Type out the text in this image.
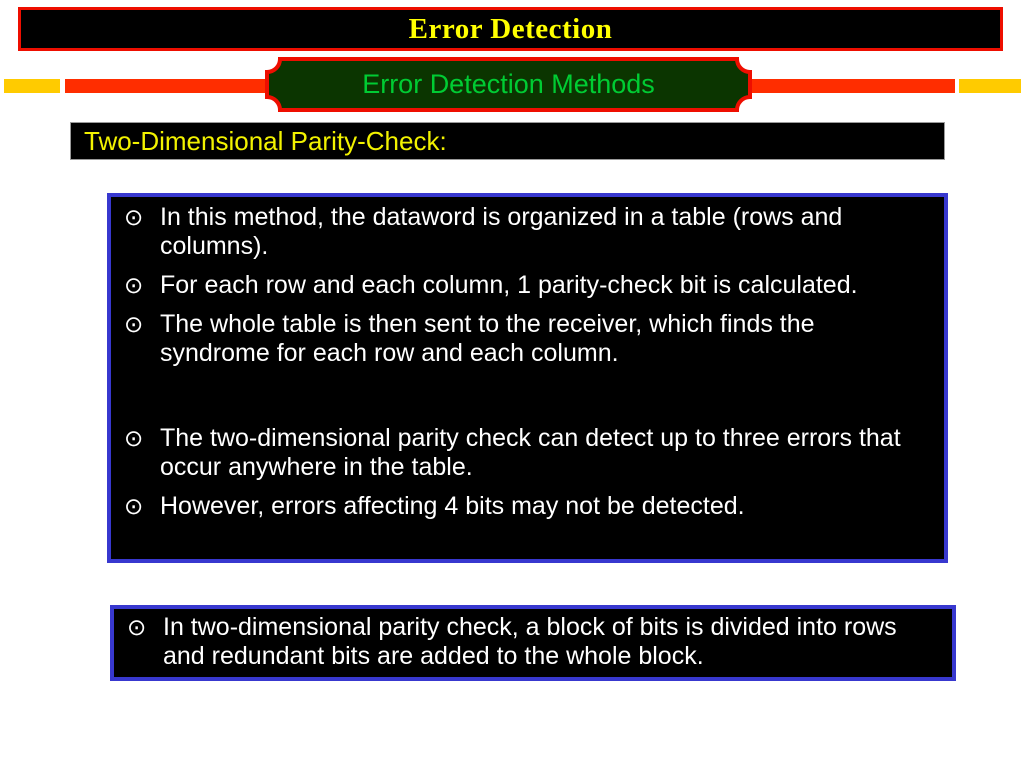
Error Detection
Error Detection Methods
Two-Dimensional Parity-Check:
⊙ In this method, the dataword is organized in a table (rows and columns).
⊙ For each row and each column, 1 parity-check bit is calculated.
⊙ The whole table is then sent to the receiver, which finds the syndrome for each row and each column.
⊙ The two-dimensional parity check can detect up to three errors that occur anywhere in the table.
⊙ However, errors affecting 4 bits may not be detected.
⊙ In two-dimensional parity check, a block of bits is divided into rows and redundant bits are added to the whole block.
